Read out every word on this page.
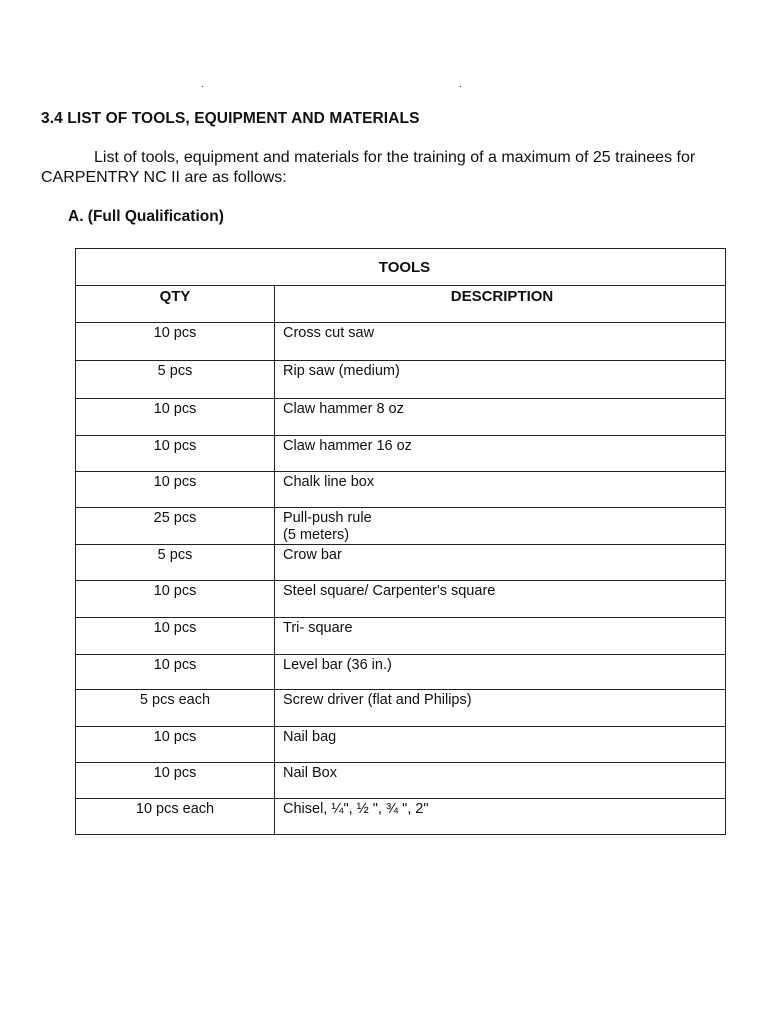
.	.
3.4 LIST OF TOOLS, EQUIPMENT AND MATERIALS
List of tools, equipment and materials for the training of a maximum of 25 trainees for CARPENTRY NC II are as follows:
A. (Full Qualification)
TOOLS	
QTY	DESCRIPTION
10 pcs	Cross cut saw
5 pcs	Rip saw (medium)
10 pcs	Claw hammer 8 oz
10 pcs	Claw hammer 16 oz
10 pcs	Chalk line box
25 pcs	Pull-push rule
(5 meters)
5 pcs	Crow bar
10 pcs	Steel square/ Carpenter's square
10 pcs	Tri- square
10 pcs	Level bar (36 in.)
5 pcs each	Screw driver (flat and Philips)
10 pcs	Nail bag
10 pcs	Nail Box
10 pcs each	Chisel, ¼", ½ ", ¾ ", 2"
